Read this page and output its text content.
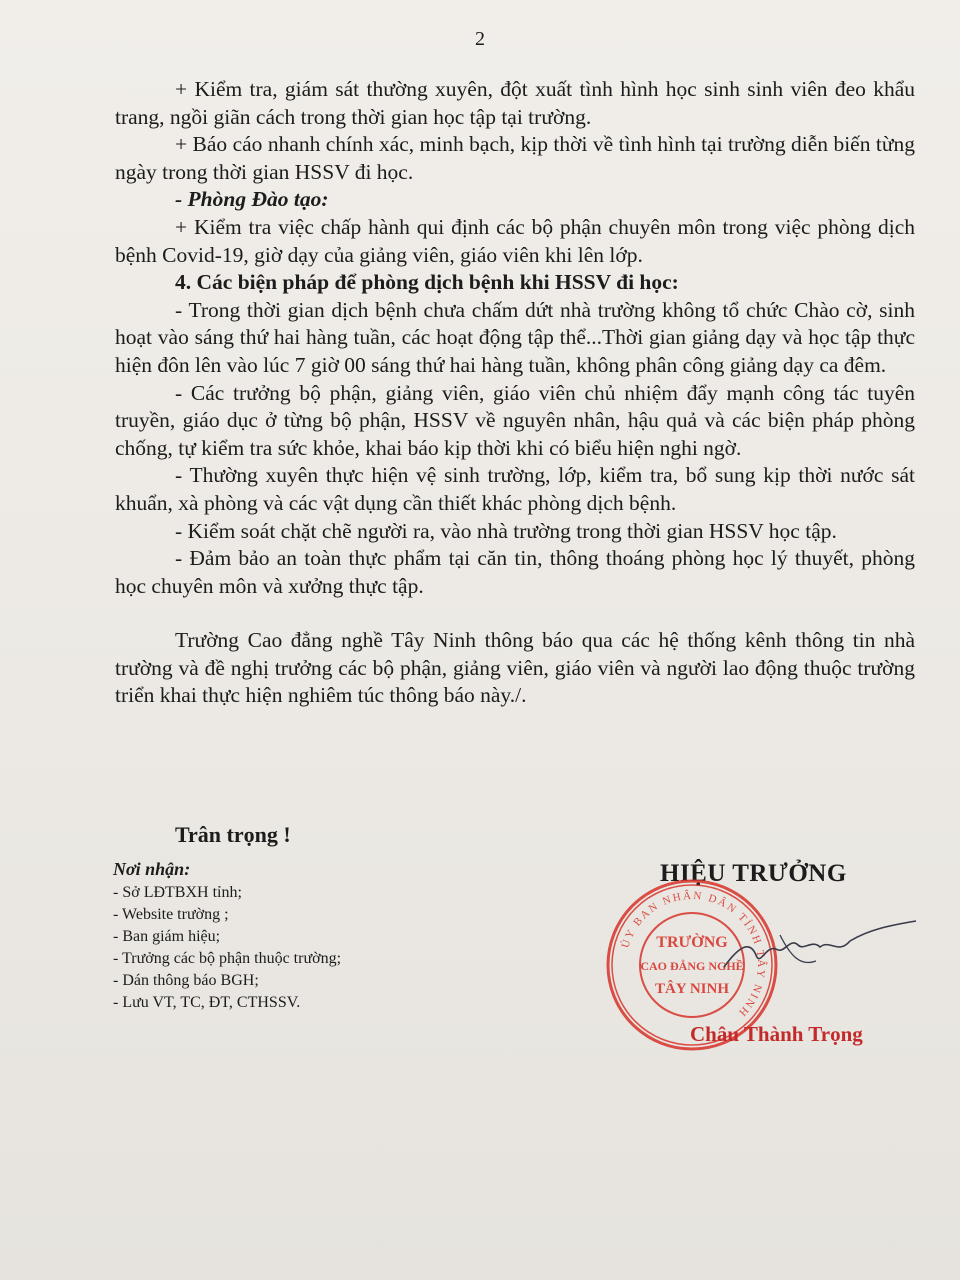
2

+ Kiểm tra, giám sát thường xuyên, đột xuất tình hình học sinh sinh viên đeo khẩu trang, ngồi giãn cách trong thời gian học tập tại trường.

+ Báo cáo nhanh chính xác, minh bạch, kịp thời về tình hình tại trường diễn biến từng ngày trong thời gian HSSV đi học.

- Phòng Đào tạo:

+ Kiểm tra việc chấp hành qui định các bộ phận chuyên môn trong việc phòng dịch bệnh Covid-19, giờ dạy của giảng viên, giáo viên khi lên lớp.

4. Các biện pháp để phòng dịch bệnh khi HSSV đi học:

- Trong thời gian dịch bệnh chưa chấm dứt nhà trường không tổ chức Chào cờ, sinh hoạt vào sáng thứ hai hàng tuần, các hoạt động tập thể...Thời gian giảng dạy và học tập thực hiện đôn lên vào lúc 7 giờ 00 sáng thứ hai hàng tuần, không phân công giảng dạy ca đêm.

- Các trưởng bộ phận, giảng viên, giáo viên chủ nhiệm đẩy mạnh công tác tuyên truyền, giáo dục ở từng bộ phận, HSSV về nguyên nhân, hậu quả và các biện pháp phòng chống, tự kiểm tra sức khỏe, khai báo kịp thời khi có biểu hiện nghi ngờ.

- Thường xuyên thực hiện vệ sinh trường, lớp, kiểm tra, bổ sung kịp thời nước sát khuẩn, xà phòng và các vật dụng cần thiết khác phòng dịch bệnh.

- Kiểm soát chặt chẽ người ra, vào nhà trường trong thời gian HSSV học tập.

- Đảm bảo an toàn thực phẩm tại căn tin, thông thoáng phòng học lý thuyết, phòng học chuyên môn và xưởng thực tập.

Trường Cao đẳng nghề Tây Ninh thông báo qua các hệ thống kênh thông tin nhà trường và đề nghị trưởng các bộ phận, giảng viên, giáo viên và người lao động thuộc trường triển khai thực hiện nghiêm túc thông báo này./.

Trân trọng !
Nơi nhận:
- Sở LĐTBXH tỉnh;
- Website trường ;
- Ban giám hiệu;
- Trưởng các bộ phận thuộc trường;
- Dán thông báo BGH;
- Lưu VT, TC, ĐT, CTHSSV.
HIỆU TRƯỞNG
ỦY BAN NHÂN DÂN TỈNH TÂY NINH
TRƯỜNG
CAO ĐẲNG NGHỀ
TÂY NINH
Châu Thành Trọng
